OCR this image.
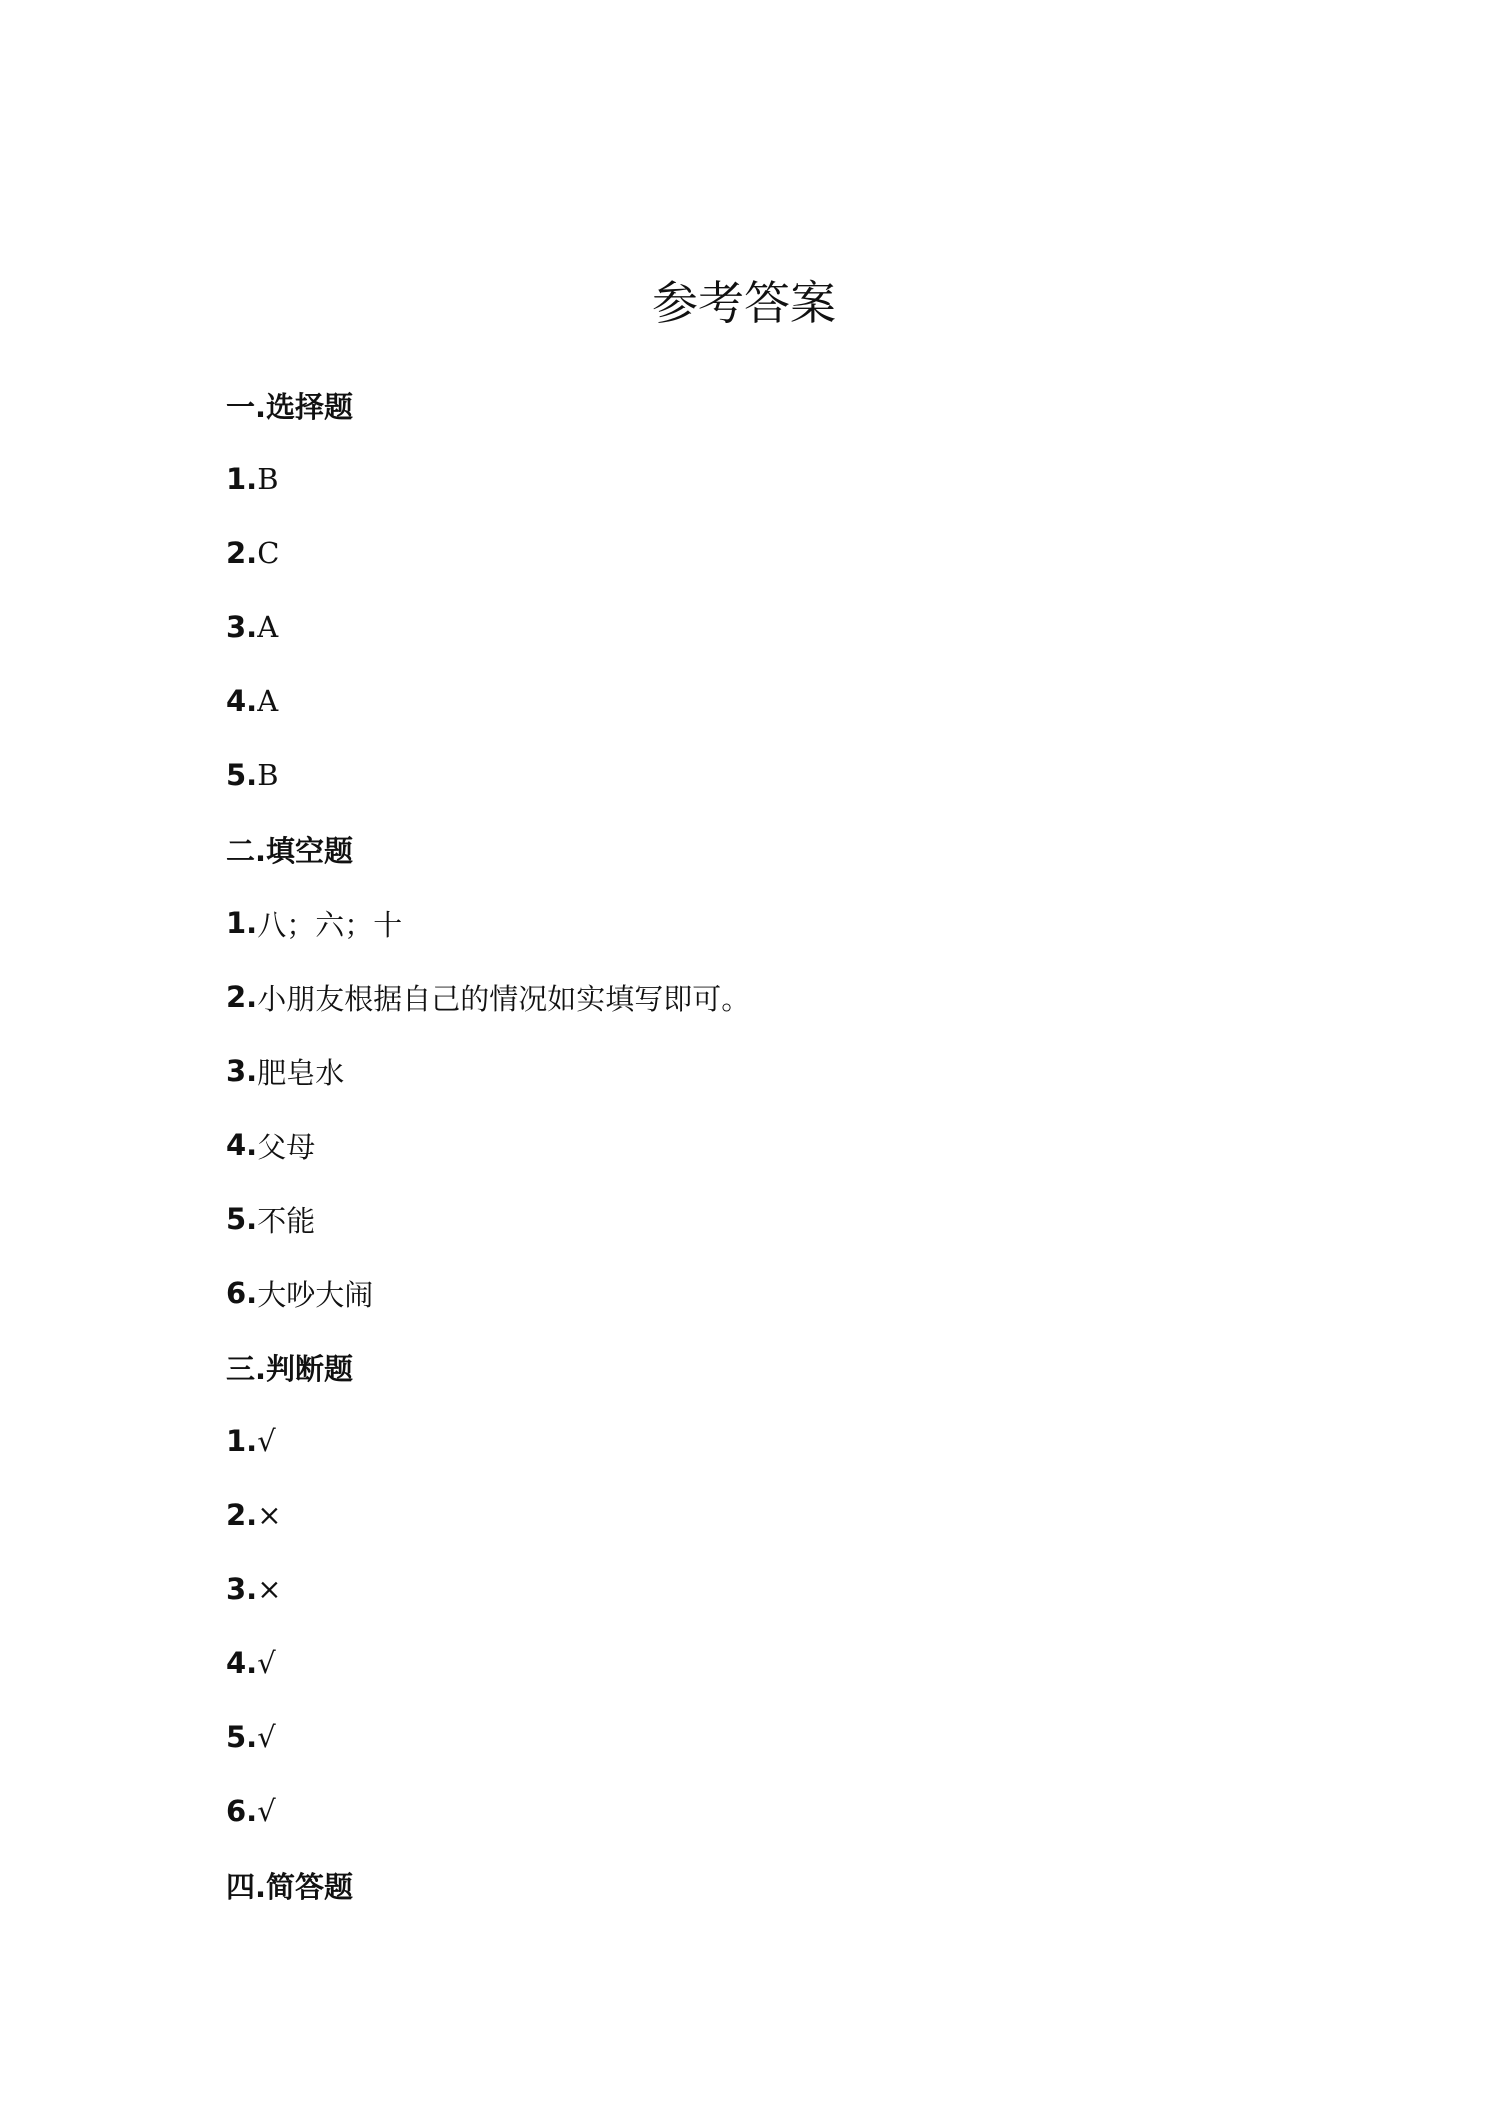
参考答案
一.选择题
1. B
2. C
3. A
4. A
5. B
二.填空题
1. 八；六；十
2. 小朋友根据自己的情况如实填写即可。
3. 肥皂水
4. 父母
5. 不能
6. 大吵大闹
三.判断题
1. √
2. ×
3. ×
4. √
5. √
6. √
四.简答题
